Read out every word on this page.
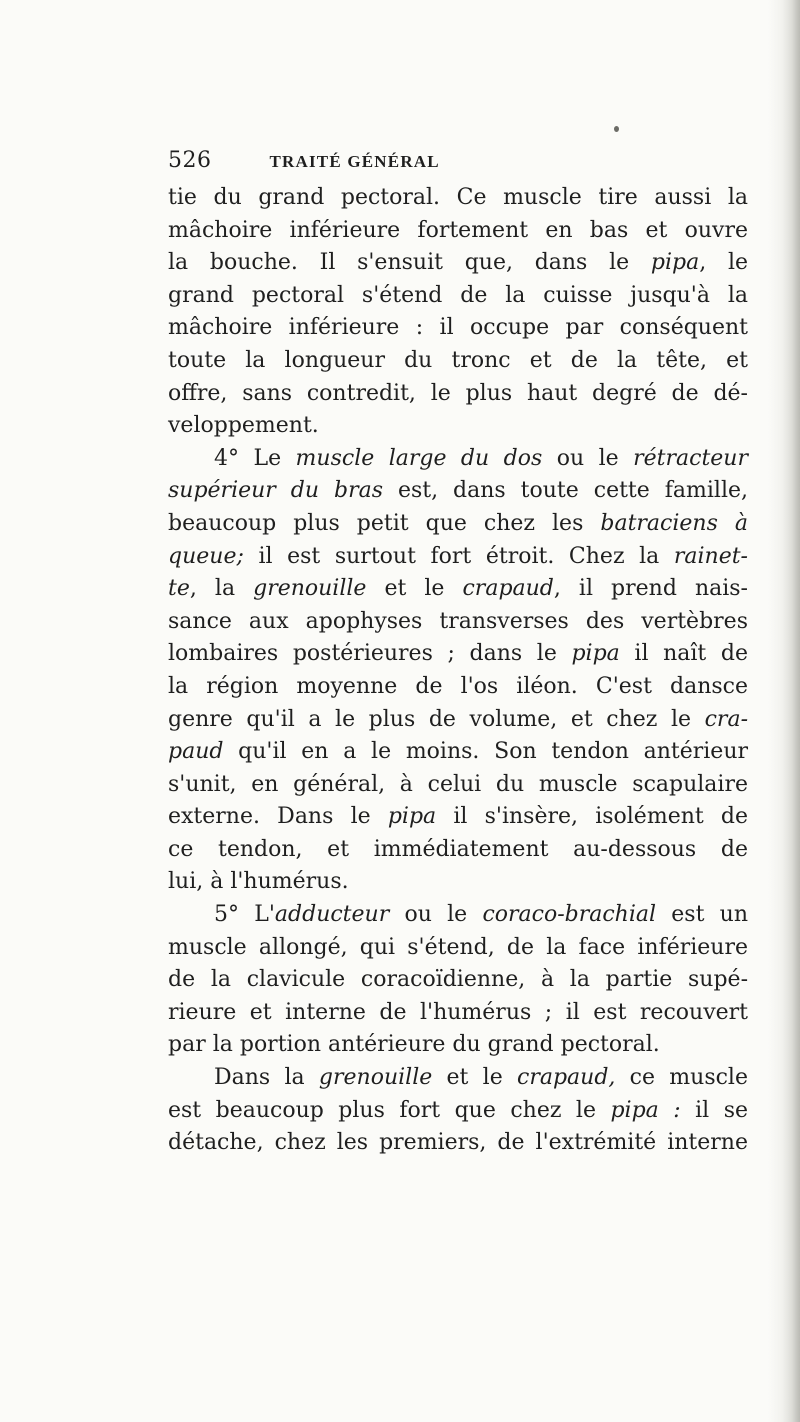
526	TRAITÉ GÉNÉRAL
tie du grand pectoral. Ce muscle tire aussi la
mâchoire inférieure fortement en bas et ouvre
la bouche. Il s'ensuit que, dans le pipa, le
grand pectoral s'étend de la cuisse jusqu'à la
mâchoire inférieure : il occupe par conséquent
toute la longueur du tronc et de la tête, et
offre, sans contredit, le plus haut degré de dé-
veloppement.
4° Le muscle large du dos ou le rétracteur
supérieur du bras est, dans toute cette famille,
beaucoup plus petit que chez les batraciens à
queue; il est surtout fort étroit. Chez la rainet-
te, la grenouille et le crapaud, il prend nais-
sance aux apophyses transverses des vertèbres
lombaires postérieures ; dans le pipa il naît de
la région moyenne de l'os iléon. C'est dansce
genre qu'il a le plus de volume, et chez le cra-
paud qu'il en a le moins. Son tendon antérieur
s'unit, en général, à celui du muscle scapulaire
externe. Dans le pipa il s'insère, isolément de
ce tendon, et immédiatement au-dessous de
lui, à l'humérus.
5° L'adducteur ou le coraco-brachial est un
muscle allongé, qui s'étend, de la face inférieure
de la clavicule coracoïdienne, à la partie supé-
rieure et interne de l'humérus ; il est recouvert
par la portion antérieure du grand pectoral.
Dans la grenouille et le crapaud, ce muscle
est beaucoup plus fort que chez le pipa : il se
détache, chez les premiers, de l'extrémité interne
